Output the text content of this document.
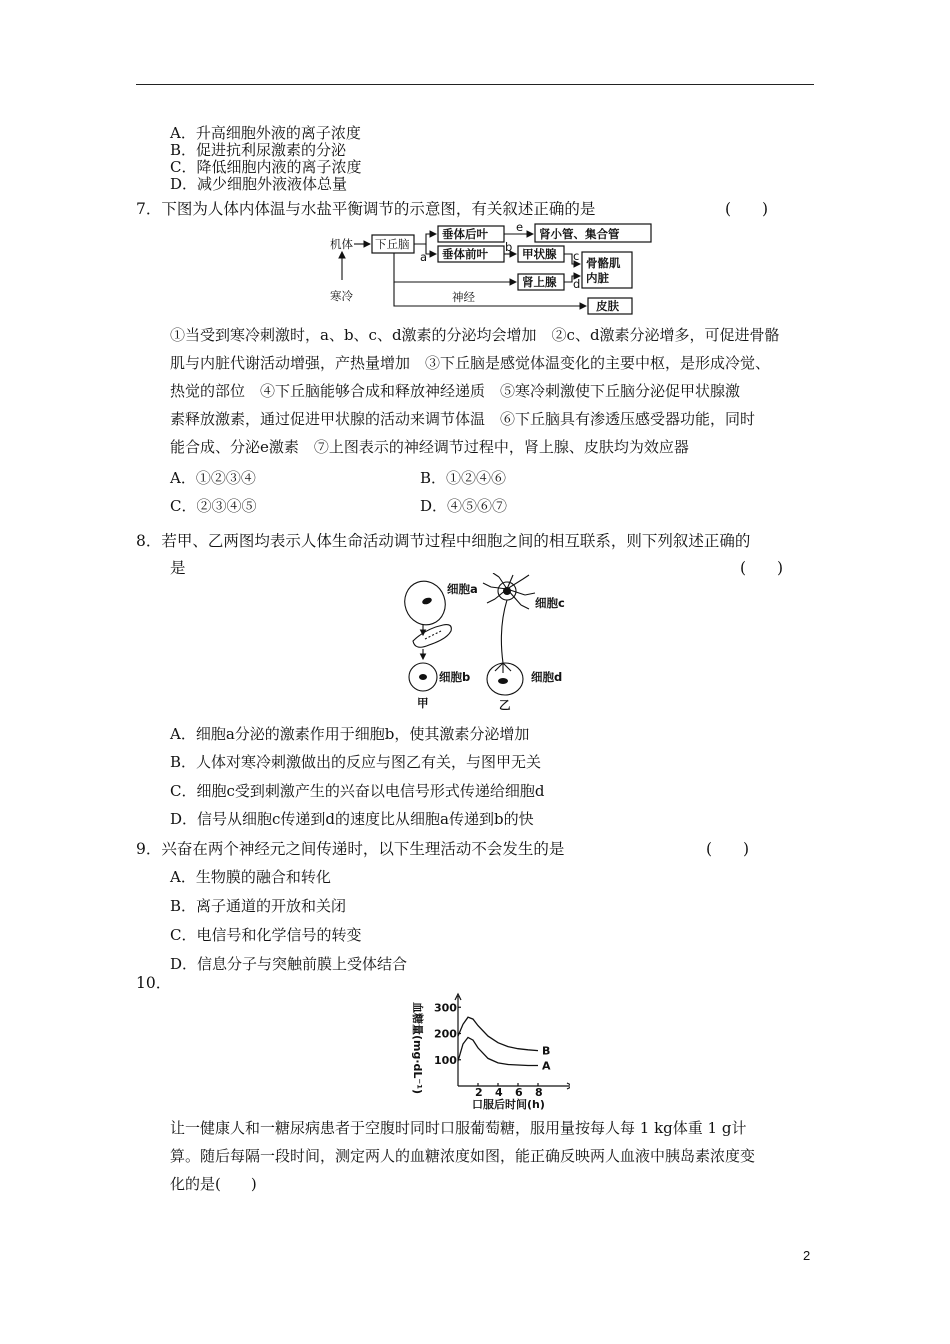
A．升高细胞外液的离子浓度
B．促进抗利尿激素的分泌
C．降低细胞内液的离子浓度
D．减少细胞外液液体总量
7．下图为人体内体温与水盐平衡调节的示意图，有关叙述正确的是	(　　)
机体 下丘脑
垂体后叶
垂体前叶
肾小管、集合管
甲状腺
骨骼肌
内脏
肾上腺
皮肤
寒冷	神经
a
b
c
d
e
①当受到寒冷刺激时，a、b、c、d激素的分泌均会增加　②c、d激素分泌增多，可促进骨骼
肌与内脏代谢活动增强，产热量增加　③下丘脑是感觉体温变化的主要中枢，是形成冷觉、
热觉的部位　④下丘脑能够合成和释放神经递质　⑤寒冷刺激使下丘脑分泌促甲状腺激
素释放激素，通过促进甲状腺的活动来调节体温　⑥下丘脑具有渗透压感受器功能，同时
能合成、分泌e激素　⑦上图表示的神经调节过程中，肾上腺、皮肤均为效应器
A．①②③④	B．①②④⑥
C．②③④⑤	D．④⑤⑥⑦
8．若甲、乙两图均表示人体生命活动调节过程中细胞之间的相互联系，则下列叙述正确的
是	(　　)
细胞a
细胞b
细胞c
细胞d
甲	乙
A．细胞a分泌的激素作用于细胞b，使其激素分泌增加
B．人体对寒冷刺激做出的反应与图乙有关，与图甲无关
C．细胞c受到刺激产生的兴奋以电信号形式传递给细胞d
D．信号从细胞c传递到d的速度比从细胞a传递到b的快
9．兴奋在两个神经元之间传递时，以下生理活动不会发生的是	(　　)
A．生物膜的融合和转化
B．离子通道的开放和关闭
C．电信号和化学信号的转变
D．信息分子与突触前膜上受体结合
10．
2 4 6 8
100
200
300
B
A
口服后时间(h)
血糖量(mg·dL⁻¹)
让一健康人和一糖尿病患者于空腹时同时口服葡萄糖，服用量按每人每 1 kg体重 1 g计
算。随后每隔一段时间，测定两人的血糖浓度如图，能正确反映两人血液中胰岛素浓度变
化的是(　　)
2
